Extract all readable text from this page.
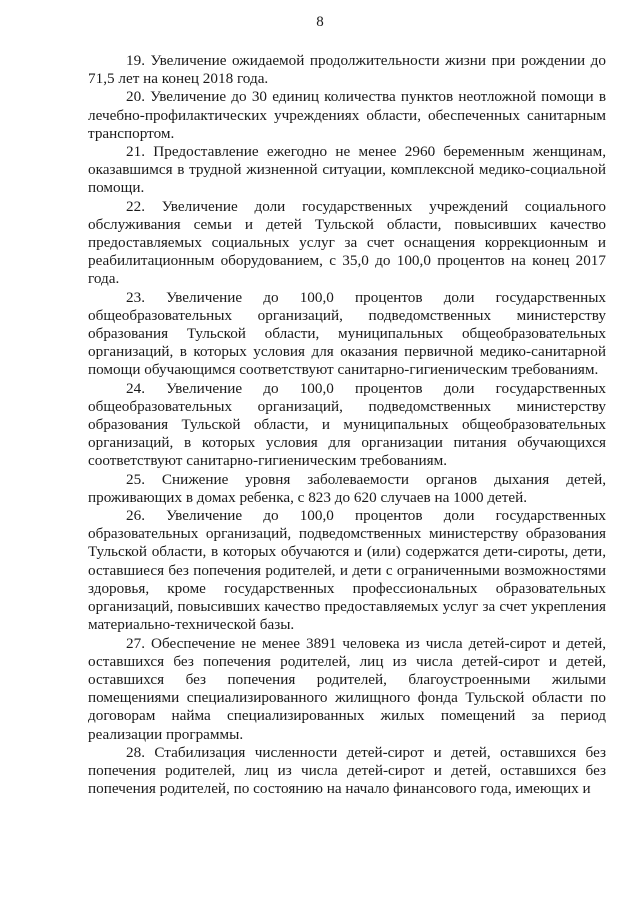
8

19. Увеличение ожидаемой продолжительности жизни при рождении до 71,5 лет на конец 2018 года.

20. Увеличение до 30 единиц количества пунктов неотложной помощи в лечебно-профилактических учреждениях области, обеспеченных санитарным транспортом.

21. Предоставление ежегодно не менее 2960 беременным женщинам, оказавшимся в трудной жизненной ситуации, комплексной медико-социальной помощи.

22. Увеличение доли государственных учреждений социального обслуживания семьи и детей Тульской области, повысивших качество предоставляемых социальных услуг за счет оснащения коррекционным и реабилитационным оборудованием, с 35,0 до 100,0 процентов на конец 2017 года.

23. Увеличение до 100,0 процентов доли государственных общеобразовательных организаций, подведомственных министерству образования Тульской области, муниципальных общеобразовательных организаций, в которых условия для оказания первичной медико-санитарной помощи обучающимся соответствуют санитарно-гигиеническим требованиям.

24. Увеличение до 100,0 процентов доли государственных общеобразовательных организаций, подведомственных министерству образования Тульской области, и муниципальных общеобразовательных организаций, в которых условия для организации питания обучающихся соответствуют санитарно-гигиеническим требованиям.

25. Снижение уровня заболеваемости органов дыхания детей, проживающих в домах ребенка, с 823 до 620 случаев на 1000 детей.

26. Увеличение до 100,0 процентов доли государственных образовательных организаций, подведомственных министерству образования Тульской области, в которых обучаются и (или) содержатся дети-сироты, дети, оставшиеся без попечения родителей, и дети с ограниченными возможностями здоровья, кроме государственных профессиональных образовательных организаций, повысивших качество предоставляемых услуг за счет укрепления материально-технической базы.

27. Обеспечение не менее 3891 человека из числа детей-сирот и детей, оставшихся без попечения родителей, лиц из числа детей-сирот и детей, оставшихся без попечения родителей, благоустроенными жилыми помещениями специализированного жилищного фонда Тульской области по договорам найма специализированных жилых помещений за период реализации программы.

28. Стабилизация численности детей-сирот и детей, оставшихся без попечения родителей, лиц из числа детей-сирот и детей, оставшихся без попечения родителей, по состоянию на начало финансового года, имеющих и
